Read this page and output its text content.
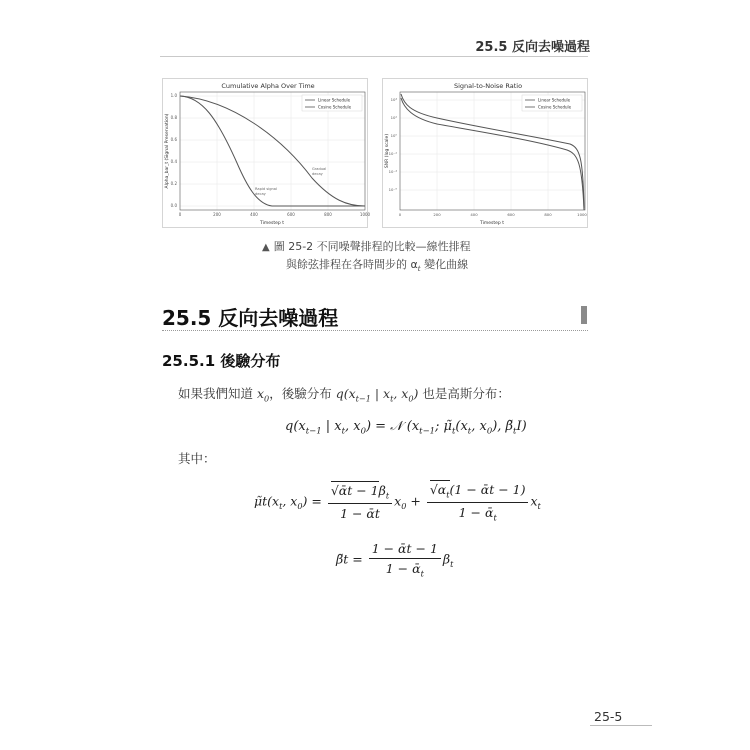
25.5 反向去噪過程
Cumulative Alpha Over Time
1.0
0.8
0.6
0.4
0.2
0.0
0	200	400	600	800	1000
Timestep t
Alpha_bar_t (Signal Preservation)
Linear Schedule
Cosine Schedule
Gradual
decay
Rapid signal
decay
Signal-to-Noise Ratio
10⁴
10²
10⁰
10⁻²
10⁻⁴
10⁻⁶
0	200	400	600	800	1000
Timestep t
SNR (log scale)
Linear Schedule
Cosine Schedule
▲ 圖 25-2 不同噪聲排程的比較—線性排程
與餘弦排程在各時間步的 $\alpha_t$ 變化曲線
25.5 反向去噪過程
25.5.1 後驗分布
如果我們知道 $x_0$，後驗分布 $q(x_{t-1}$ | $x_t$, $x_0$) 也是高斯分布：
$q(x_{t-1}$ | $x_t$, $x_0$) = 𝒩 ($x_{t-1}$; $\mũ_t(x_t$, $x_0$), $\betã_tI$)
其中：
$\mũt(x_t$, $x_0) = \frac{√ᾱt - 1\beta_t}{\text{1 − ᾱt}} x_0 + \frac{√\alpha_t(1 - ᾱt - 1)}{1 - ᾱ_t} x_t$
β̃t = $\frac{\text{1 − ᾱt − 1}}{1 - ᾱ_t} \beta_t$
25-5
